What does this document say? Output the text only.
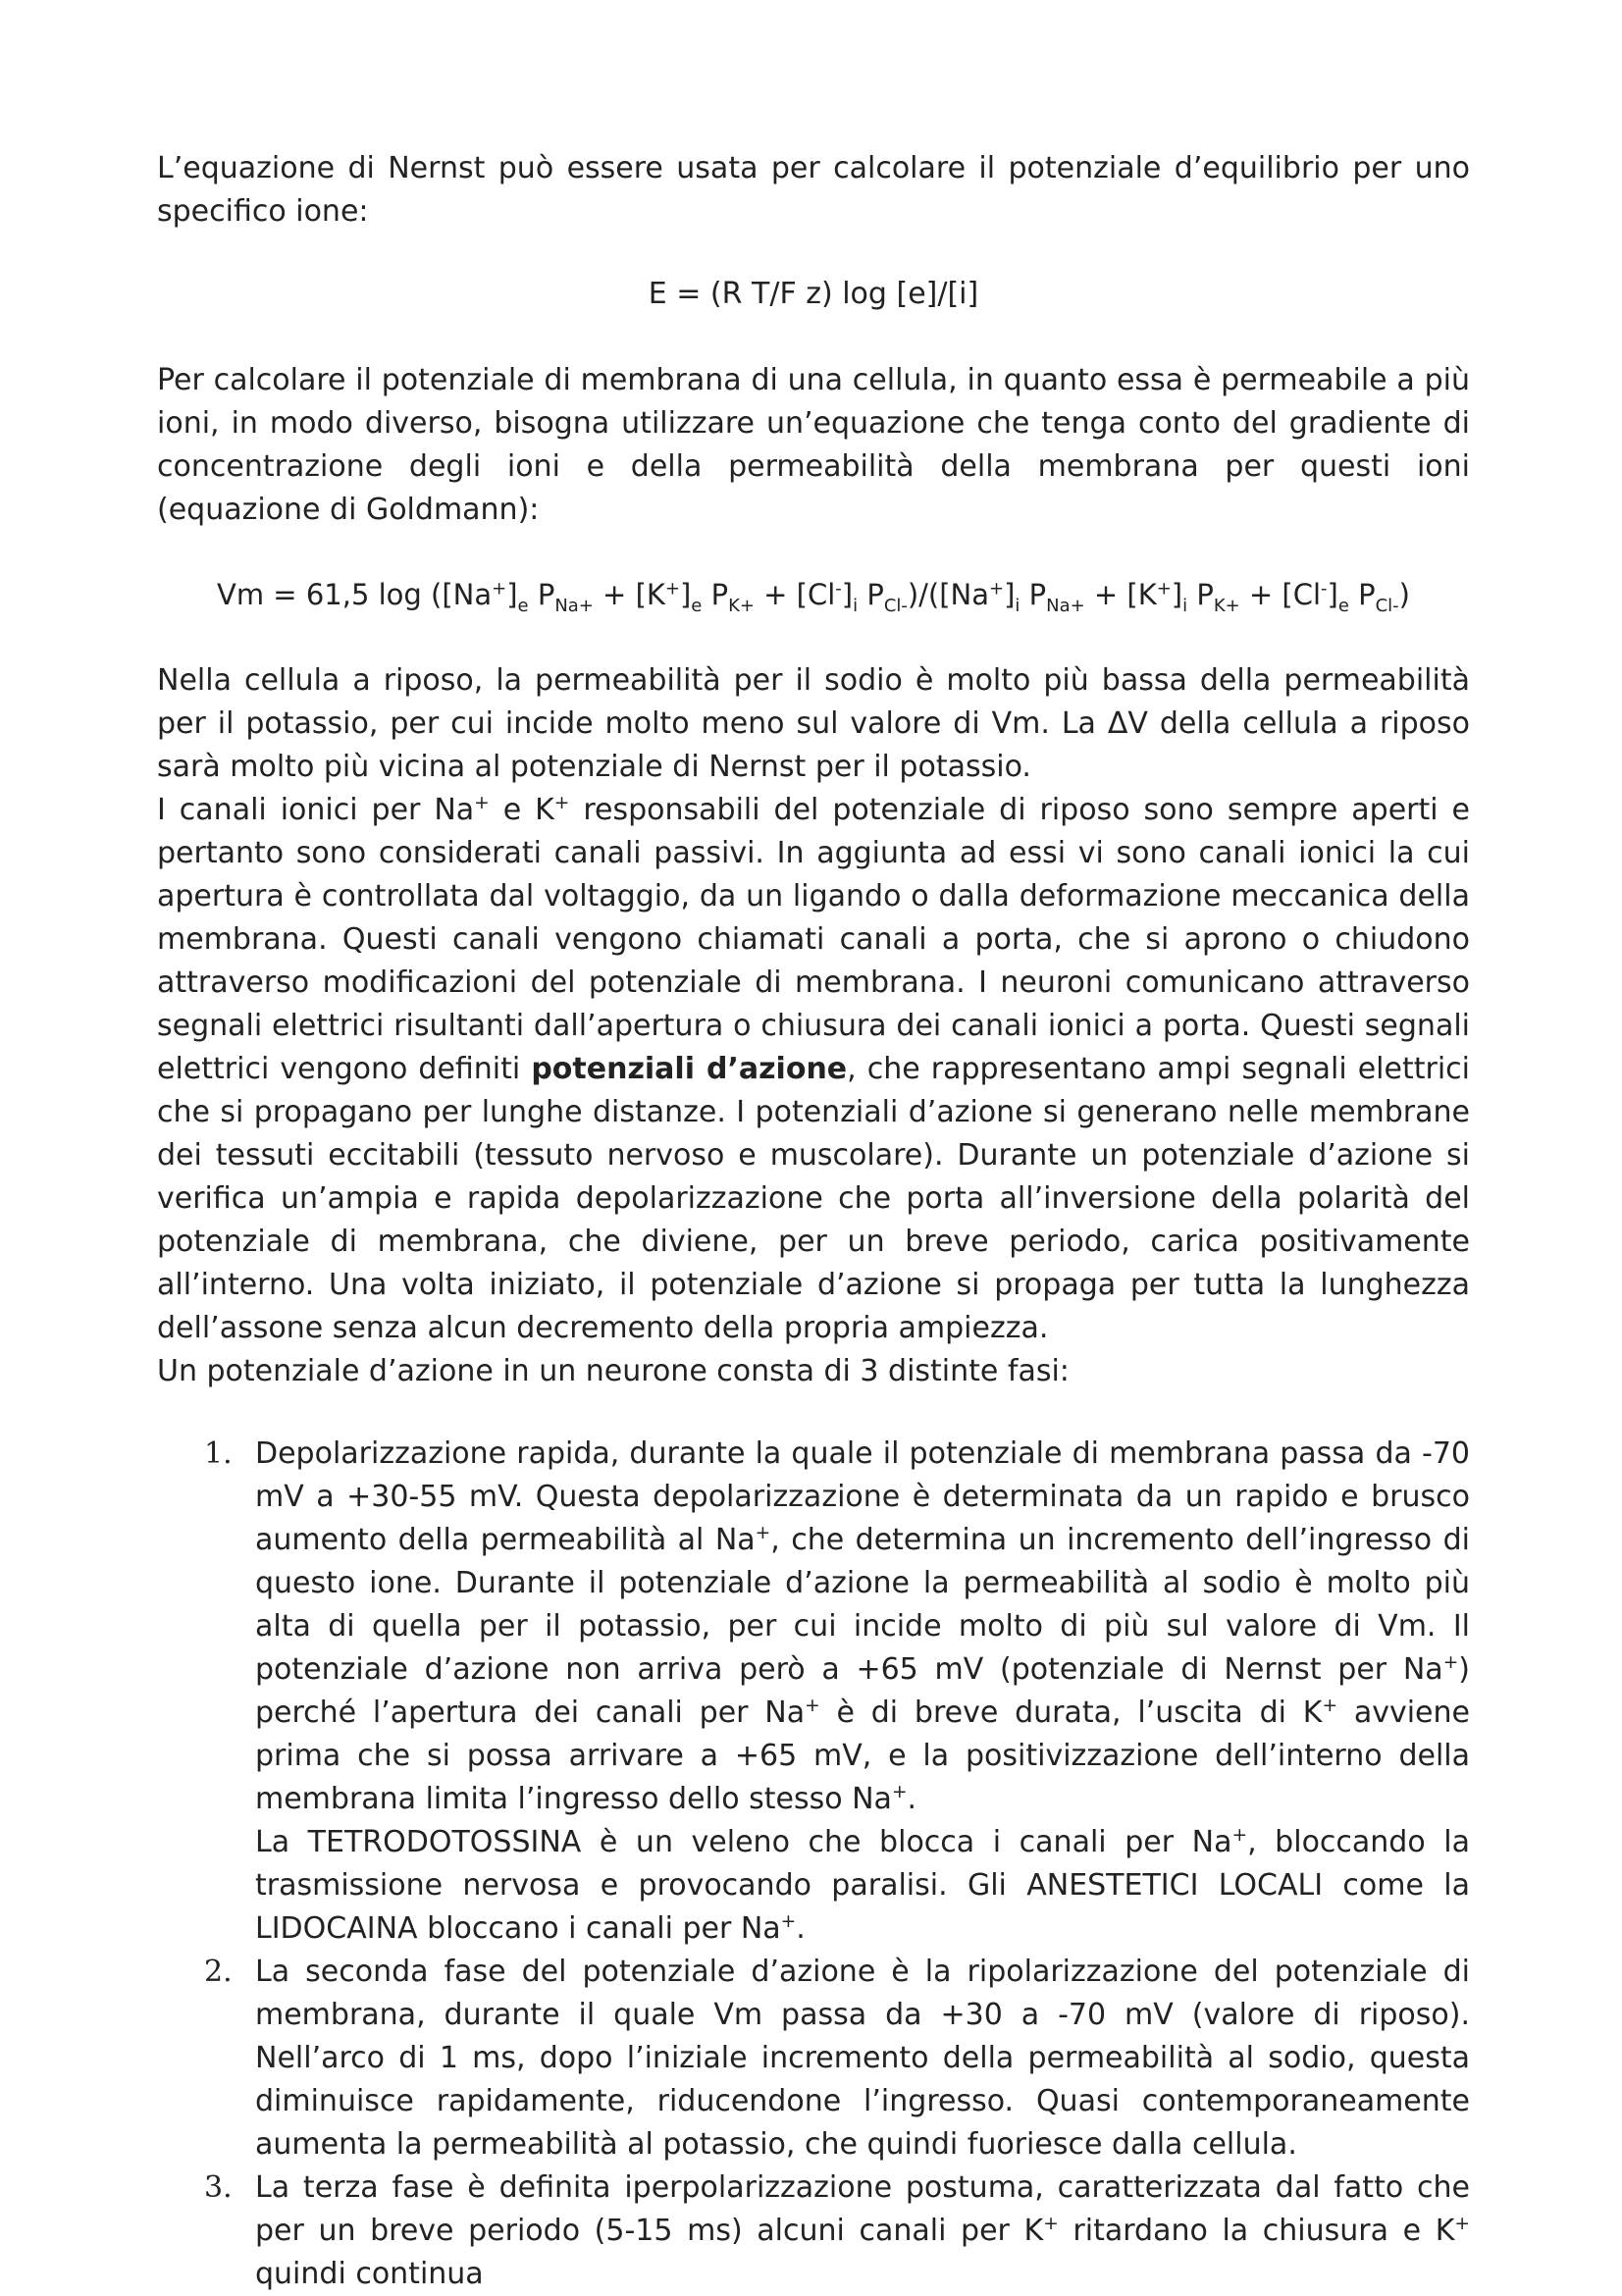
L’equazione di Nernst può essere usata per calcolare il potenziale d’equilibrio per uno specifico ione:

E = (R T/F z) log [e]/[i]

Per calcolare il potenziale di membrana di una cellula, in quanto essa è permeabile a più ioni, in modo diverso, bisogna utilizzare un’equazione che tenga conto del gradiente di concentrazione degli ioni e della permeabilità della membrana per questi ioni (equazione di Goldmann):

Vm = 61,5 $\log ([Na^+]_e$ $P_{Na+} + [K^+]_e$ $P_{K+} + [Cl^-]_i$ $P_{Cl-})/([Na^+]_i$ $P_{Na+} + [K^+]_i$ $P_{K+} + [Cl^-]_e$ $P_{Cl-}$)

Nella cellula a riposo, la permeabilità per il sodio è molto più bassa della permeabilità per il potassio, per cui incide molto meno sul valore di Vm. La ΔV della cellula a riposo sarà molto più vicina al potenziale di Nernst per il potassio.

I canali ionici per Na+ e K+ responsabili del potenziale di riposo sono sempre aperti e pertanto sono considerati canali passivi. In aggiunta ad essi vi sono canali ionici la cui apertura è controllata dal voltaggio, da un ligando o dalla deformazione meccanica della membrana. Questi canali vengono chiamati canali a porta, che si aprono o chiudono attraverso modificazioni del potenziale di membrana. I neuroni comunicano attraverso segnali elettrici risultanti dall’apertura o chiusura dei canali ionici a porta. Questi segnali elettrici vengono definiti potenziali d’azione, che rappresentano ampi segnali elettrici che si propagano per lunghe distanze. I potenziali d’azione si generano nelle membrane dei tessuti eccitabili (tessuto nervoso e muscolare). Durante un potenziale d’azione si verifica un’ampia e rapida depolarizzazione che porta all’inversione della polarità del potenziale di membrana, che diviene, per un breve periodo, carica positivamente all’interno. Una volta iniziato, il potenziale d’azione si propaga per tutta la lunghezza dell’assone senza alcun decremento della propria ampiezza.

Un potenziale d’azione in un neurone consta di 3 distinte fasi:

1. Depolarizzazione rapida, durante la quale il potenziale di membrana passa da -70 mV a +30-55 mV. Questa depolarizzazione è determinata da un rapido e brusco aumento della permeabilità al Na+, che determina un incremento dell’ingresso di questo ione. Durante il potenziale d’azione la permeabilità al sodio è molto più alta di quella per il potassio, per cui incide molto di più sul valore di Vm. Il potenziale d’azione non arriva però a +65 mV (potenziale di Nernst per Na+) perché l’apertura dei canali per Na+ è di breve durata, l’uscita di K+ avviene prima che si possa arrivare a +65 mV, e la positivizzazione dell’interno della membrana limita l’ingresso dello stesso Na+.
La TETRODOTOSSINA è un veleno che blocca i canali per Na+, bloccando la trasmissione nervosa e provocando paralisi. Gli ANESTETICI LOCALI come la LIDOCAINA bloccano i canali per Na+.
2. La seconda fase del potenziale d’azione è la ripolarizzazione del potenziale di membrana, durante il quale Vm passa da +30 a -70 mV (valore di riposo). Nell’arco di 1 ms, dopo l’iniziale incremento della permeabilità al sodio, questa diminuisce rapidamente, riducendone l’ingresso. Quasi contemporaneamente aumenta la permeabilità al potassio, che quindi fuoriesce dalla cellula.
3. La terza fase è definita iperpolarizzazione postuma, caratterizzata dal fatto che per un breve periodo (5-15 ms) alcuni canali per K+ ritardano la chiusura e K+ quindi continua
